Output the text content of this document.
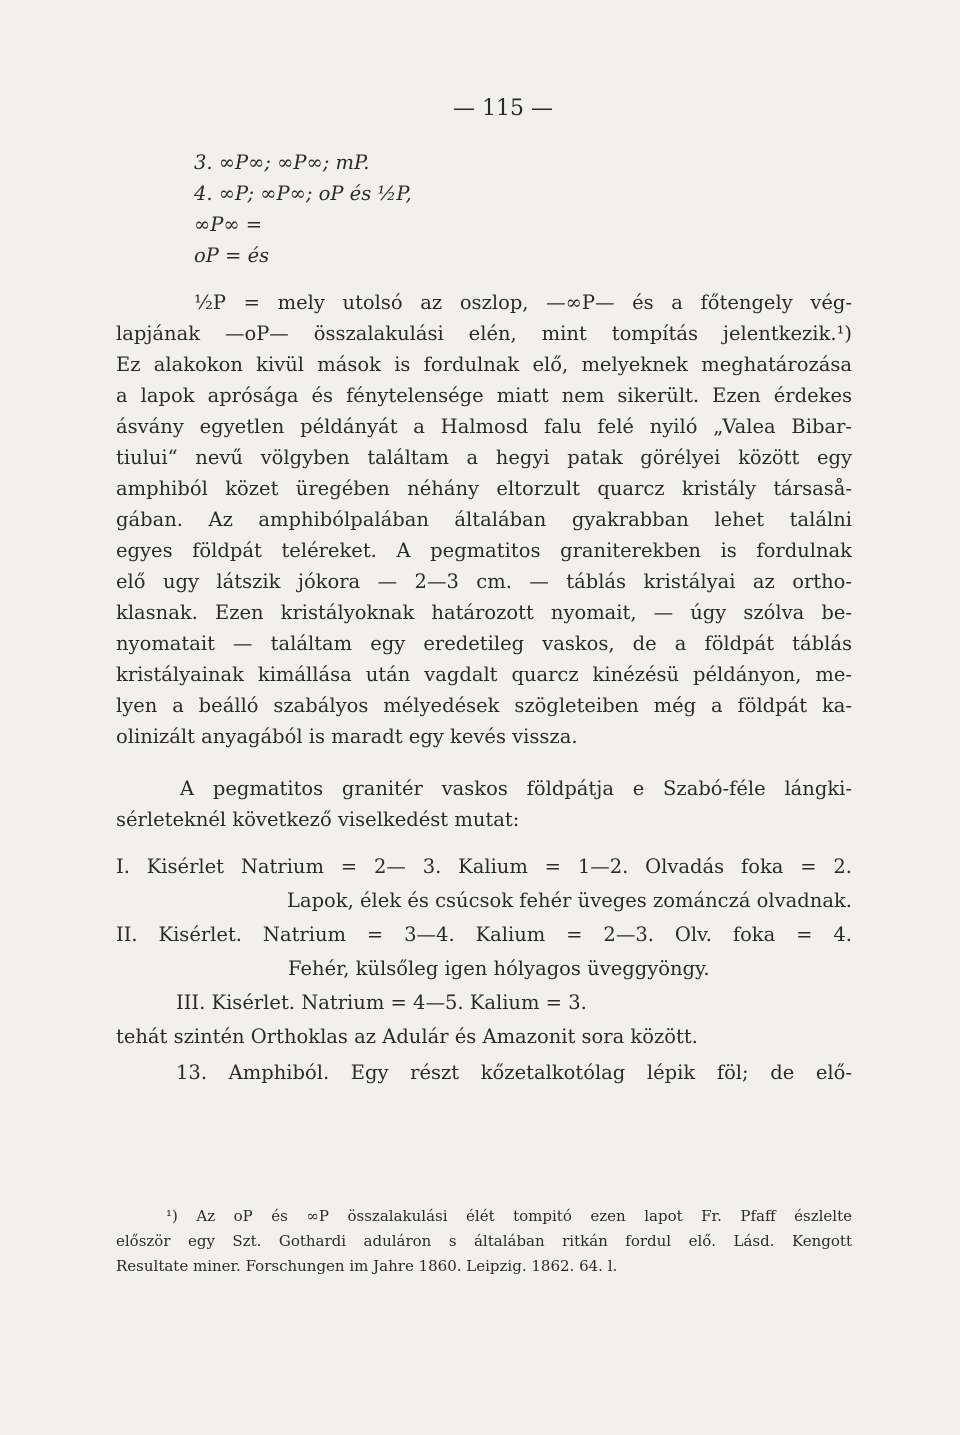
— 115 —
3. ∞P∞; ∞P∞; mP.
4. ∞P; ∞P∞; oP és ½P,
∞P∞ =
oP = és
½P = mely utolsó az oszlop, —∞P— és a főtengely vég-
lapjának —oP— összalakulási elén, mint tompítás jelentkezik.¹)
Ez alakokon kivül mások is fordulnak elő, melyeknek meghatározása
a lapok aprósága és fénytelensége miatt nem sikerült. Ezen érdekes
ásvány egyetlen példányát a Halmosd falu felé nyiló „Valea Bibar-
tiului“ nevű völgyben találtam a hegyi patak görélyei között egy
amphiból közet üregében néhány eltorzult quarcz kristály társaså-
gában. Az amphibólpalában általában gyakrabban lehet találni
egyes földpát teléreket. A pegmatitos graniterekben is fordulnak
elő ugy látszik jókora — 2—3 cm. — táblás kristályai az ortho-
klasnak. Ezen kristályoknak határozott nyomait, — úgy szólva be-
nyomatait — találtam egy eredetileg vaskos, de a földpát táblás
kristályainak kimállása után vagdalt quarcz kinézésü példányon, me-
lyen a beálló szabályos mélyedések szögleteiben még a földpát ka-
olinizált anyagából is maradt egy kevés vissza.
A pegmatitos granitér vaskos földpátja e Szabó-féle lángki-
sérleteknél következő viselkedést mutat:
I. Kisérlet Natrium = 2— 3. Kalium = 1—2. Olvadás foka = 2.
Lapok, élek és csúcsok fehér üveges zománczá olvadnak.
II. Kisérlet. Natrium = 3—4. Kalium = 2—3. Olv. foka = 4.
Fehér, külsőleg igen hólyagos üveggyöngy.
III. Kisérlet. Natrium = 4—5. Kalium = 3.
tehát szintén Orthoklas az Adulár és Amazonit sora között.
13. Amphiból. Egy részt kőzetalkotólag lépik föl; de elő-
¹) Az oP és ∞P összalakulási élét tompitó ezen lapot Fr. Pfaff észlelte
először egy Szt. Gothardi aduláron s általában ritkán fordul elő. Lásd. Kengott
Resultate miner. Forschungen im Jahre 1860. Leipzig. 1862. 64. l.
